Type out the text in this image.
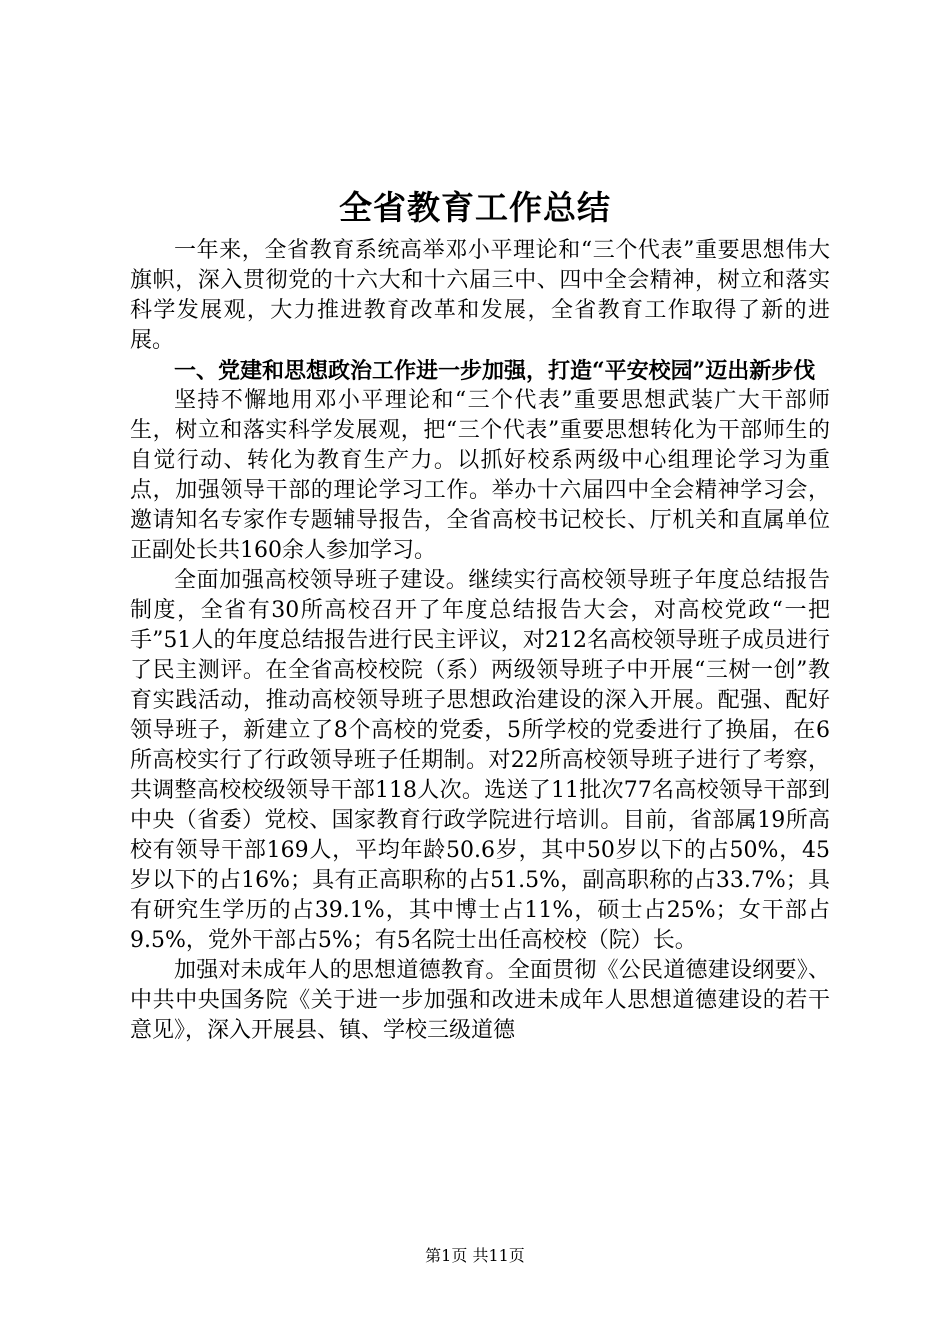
全省教育工作总结

一年来，全省教育系统高举邓小平理论和“三个代表”重要思想伟大旗帜，深入贯彻党的十六大和十六届三中、四中全会精神，树立和落实科学发展观，大力推进教育改革和发展，全省教育工作取得了新的进展。

一、党建和思想政治工作进一步加强，打造“平安校园”迈出新步伐

坚持不懈地用邓小平理论和“三个代表”重要思想武装广大干部师生，树立和落实科学发展观，把“三个代表”重要思想转化为干部师生的自觉行动、转化为教育生产力。以抓好校系两级中心组理论学习为重点，加强领导干部的理论学习工作。举办十六届四中全会精神学习会，邀请知名专家作专题辅导报告，全省高校书记校长、厅机关和直属单位正副处长共160余人参加学习。

全面加强高校领导班子建设。继续实行高校领导班子年度总结报告制度，全省有30所高校召开了年度总结报告大会，对高校党政“一把手”51人的年度总结报告进行民主评议，对212名高校领导班子成员进行了民主测评。在全省高校校院（系）两级领导班子中开展“三树一创”教育实践活动，推动高校领导班子思想政治建设的深入开展。配强、配好领导班子，新建立了8个高校的党委，5所学校的党委进行了换届，在6所高校实行了行政领导班子任期制。对22所高校领导班子进行了考察，共调整高校校级领导干部118人次。选送了11批次77名高校领导干部到中央（省委）党校、国家教育行政学院进行培训。目前，省部属19所高校有领导干部169人，平均年龄50.6岁，其中50岁以下的占50%，45岁以下的占16%；具有正高职称的占51.5%，副高职称的占33.7%；具有研究生学历的占39.1%，其中博士占11%，硕士占25%；女干部占9.5%，党外干部占5%；有5名院士出任高校校（院）长。

加强对未成年人的思想道德教育。全面贯彻《公民道德建设纲要》、中共中央国务院《关于进一步加强和改进未成年人思想道德建设的若干意见》，深入开展县、镇、学校三级道德

第1页 共11页
